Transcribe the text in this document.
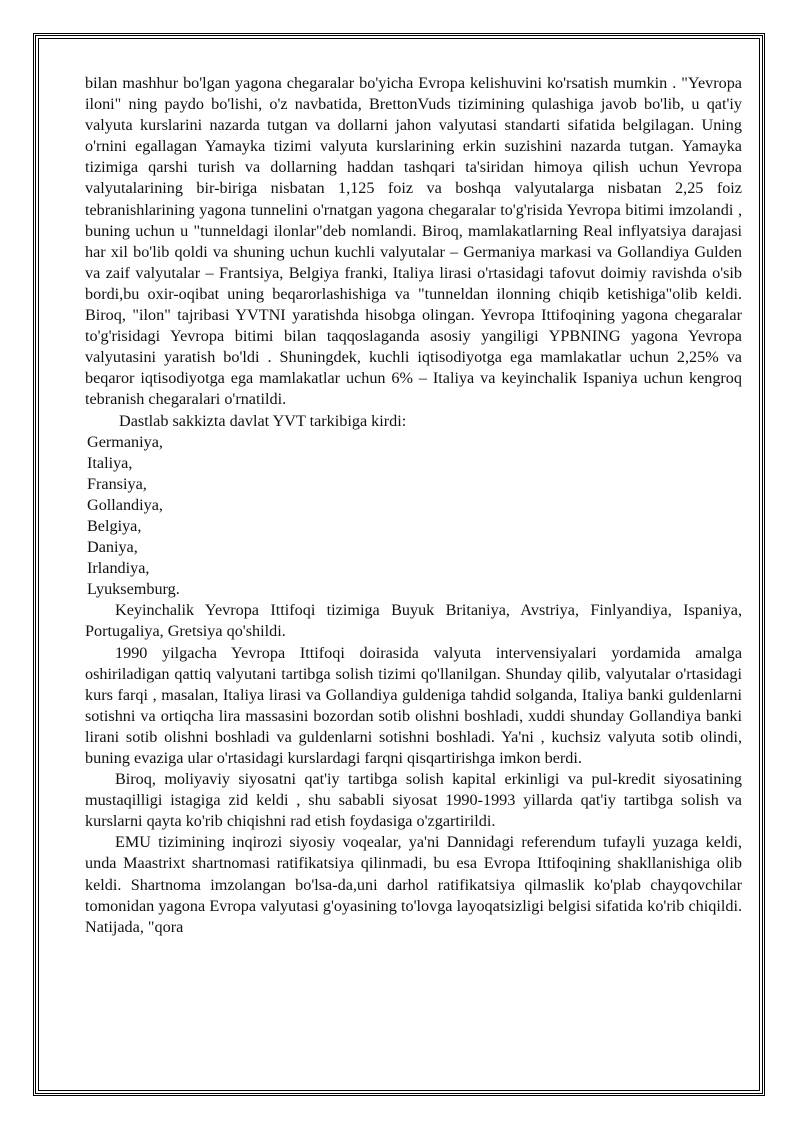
bilan mashhur bo'lgan yagona chegaralar bo'yicha Evropa kelishuvini ko'rsatish mumkin . "Yevropa iloni" ning paydo bo'lishi, o'z navbatida, BrettonVuds tizimining qulashiga javob bo'lib, u qat'iy valyuta kurslarini nazarda tutgan va dollarni jahon valyutasi standarti sifatida belgilagan. Uning o'rnini egallagan Yamayka tizimi valyuta kurslarining erkin suzishini nazarda tutgan. Yamayka tizimiga qarshi turish va dollarning haddan tashqari ta'siridan himoya qilish uchun Yevropa valyutalarining bir-biriga nisbatan 1,125 foiz va boshqa valyutalarga nisbatan 2,25 foiz tebranishlarining yagona tunnelini o'rnatgan yagona chegaralar to'g'risida Yevropa bitimi imzolandi , buning uchun u "tunneldagi ilonlar"deb nomlandi. Biroq, mamlakatlarning Real inflyatsiya darajasi har xil bo'lib qoldi va shuning uchun kuchli valyutalar – Germaniya markasi va Gollandiya Gulden va zaif valyutalar – Frantsiya, Belgiya franki, Italiya lirasi o'rtasidagi tafovut doimiy ravishda o'sib bordi,bu oxir-oqibat uning beqarorlashishiga va "tunneldan ilonning chiqib ketishiga"olib keldi. Biroq, "ilon" tajribasi YVTNI yaratishda hisobga olingan. Yevropa Ittifoqining yagona chegaralar to'g'risidagi Yevropa bitimi bilan taqqoslaganda asosiy yangiligi YPBNING yagona Yevropa valyutasini yaratish bo'ldi . Shuningdek, kuchli iqtisodiyotga ega mamlakatlar uchun 2,25% va beqaror iqtisodiyotga ega mamlakatlar uchun 6% – Italiya va keyinchalik Ispaniya uchun kengroq tebranish chegaralari o'rnatildi.

Dastlab sakkizta davlat YVT tarkibiga kirdi:

Germaniya,
Italiya,
Fransiya,
Gollandiya,
Belgiya,
Daniya,
Irlandiya,
Lyuksemburg.

Keyinchalik Yevropa Ittifoqi tizimiga Buyuk Britaniya, Avstriya, Finlyandiya, Ispaniya, Portugaliya, Gretsiya qo'shildi.

1990 yilgacha Yevropa Ittifoqi doirasida valyuta intervensiyalari yordamida amalga oshiriladigan qattiq valyutani tartibga solish tizimi qo'llanilgan. Shunday qilib, valyutalar o'rtasidagi kurs farqi , masalan, Italiya lirasi va Gollandiya guldeniga tahdid solganda, Italiya banki guldenlarni sotishni va ortiqcha lira massasini bozordan sotib olishni boshladi, xuddi shunday Gollandiya banki lirani sotib olishni boshladi va guldenlarni sotishni boshladi. Ya'ni , kuchsiz valyuta sotib olindi, buning evaziga ular o'rtasidagi kurslardagi farqni qisqartirishga imkon berdi.

Biroq, moliyaviy siyosatni qat'iy tartibga solish kapital erkinligi va pul-kredit siyosatining mustaqilligi istagiga zid keldi , shu sababli siyosat 1990-1993 yillarda qat'iy tartibga solish va kurslarni qayta ko'rib chiqishni rad etish foydasiga o'zgartirildi.

EMU tizimining inqirozi siyosiy voqealar, ya'ni Dannidagi referendum tufayli yuzaga keldi, unda Maastrixt shartnomasi ratifikatsiya qilinmadi, bu esa Evropa Ittifoqining shakllanishiga olib keldi. Shartnoma imzolangan bo'lsa-da,uni darhol ratifikatsiya qilmaslik ko'plab chayqovchilar tomonidan yagona Evropa valyutasi g'oyasining to'lovga layoqatsizligi belgisi sifatida ko'rib chiqildi. Natijada, "qora
